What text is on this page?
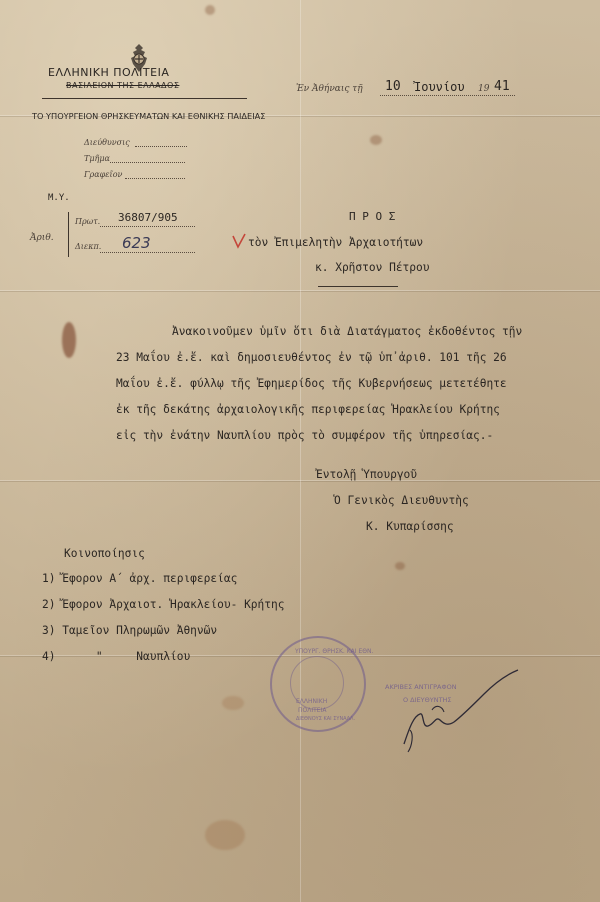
ΕΛΛΗΝΙΚΗ ΠΟΛΙΤΕΙΑ
ΒΑΣΙΛΕΙΟΝ ΤΗΣ ΕΛΛΑΔΟΣ
ΤΟ ΥΠΟΥΡΓΕΙΟΝ ΘΡΗΣΚΕΥΜΑΤΩΝ ΚΑΙ ΕΘΝΙΚΗΣ ΠΑΙΔΕΙΑΣ
Διεύθυνσις
Τμῆμα
Γραφεῖον
Μ.Υ.
Ἀριθ.
Πρωτ. 36807/905
Διεκπ. 623
Ἐν Ἀθήναις τῇ 10 Ἰουνίου 19 41
Π Ρ Ο Σ
τὸν Ἐπιμελητὴν Ἀρχαιοτήτων
κ. Χρῆστον Πέτρου
Ἀνακοινοῦμεν ὑμῖν ὅτι διὰ Διατάγματος ἐκδοθέντος τῇν
23 Μαΐου ἐ.ἔ. καὶ δημοσιευθέντος ἐν τῷ ὑπ᾽ἀριθ. 101 τῆς 26
Μαΐου ἐ.ἔ. φύλλῳ τῆς Ἐφημερίδος τῆς Κυβερνήσεως μετετέθητε
ἐκ τῆς δεκάτης ἀρχαιολογικῆς περιφερείας Ἡρακλείου Κρήτης
εἰς τὴν ἐνάτην Ναυπλίου πρὸς τὸ συμφέρον τῆς ὑπηρεσίας.-
Ἐντολῇ Ὑπουργοῦ
Ὁ Γενικὸς Διευθυντὴς
Κ. Κυπαρίσσης
Κοινοποίησις
1) Ἔφορον Α΄ ἀρχ. περιφερείας
2) Ἔφορον Ἀρχαιοτ. Ἡρακλείου- Κρήτης
3) Ταμεῖον Πληρωμῶν Ἀθηνῶν
4)      "     Ναυπλίου	ΥΠΟΥΡΓ. ΘΡΗΣΚ. ΚΑΙ ΕΘΝ.
ΕΛΛΗΝΙΚΗ
ΠΟΛΙΤΕΙΑ
ΔΙΕΘΝΟΥΣ ΚΑΙ ΣΥΝΑΛΛ.
ΑΚΡΙΒΕΣ ΑΝΤΙΓΡΑΦΟΝ
Ο ΔΙΕΥΘΥΝΤΗΣ
